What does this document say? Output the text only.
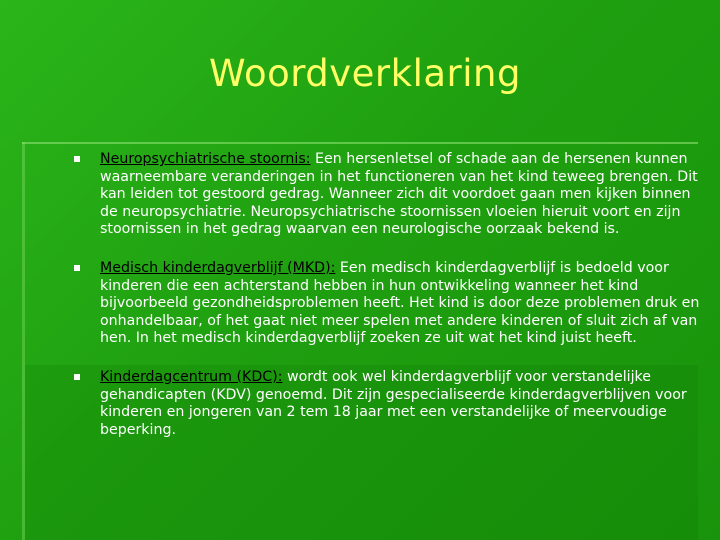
Woordverklaring
Neuropsychiatrische stoornis: Een hersenletsel of schade aan de hersenen kunnen waarneembare veranderingen in het functioneren van het kind teweeg brengen. Dit kan leiden tot gestoord gedrag. Wanneer zich dit voordoet gaan men kijken binnen de neuropsychiatrie. Neuropsychiatrische stoornissen vloeien hieruit voort en zijn stoornissen in het gedrag waarvan een neurologische oorzaak bekend is.
Medisch kinderdagverblijf (MKD): Een medisch kinderdagverblijf is bedoeld voor kinderen die een achterstand hebben in hun ontwikkeling wanneer het kind bijvoorbeeld gezondheidsproblemen heeft. Het kind is door deze problemen druk en onhandelbaar, of het gaat niet meer spelen met andere kinderen of sluit zich af van hen. In het medisch kinderdagverblijf zoeken ze uit wat het kind juist heeft.
Kinderdagcentrum (KDC): wordt ook wel kinderdagverblijf voor verstandelijke gehandicapten (KDV) genoemd. Dit zijn gespecialiseerde kinderdagverblijven voor kinderen en jongeren van 2 tem 18 jaar met een verstandelijke of meervoudige beperking.
